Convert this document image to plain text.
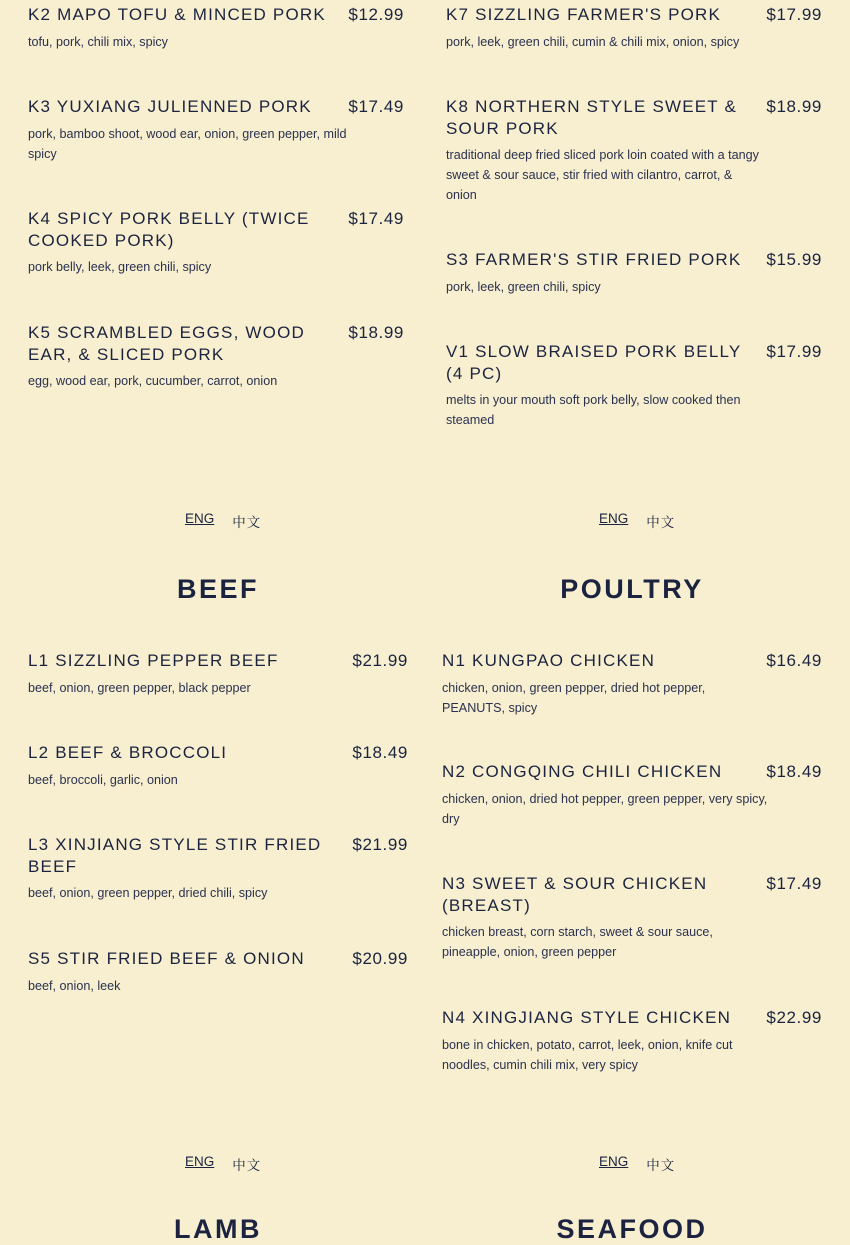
K2 MAPO TOFU & MINCED PORK $12.99
tofu, pork, chili mix, spicy
K3 YUXIANG JULIENNED PORK	$17.49
pork, bamboo shoot, wood ear, onion, green pepper, mild spicy
K4 SPICY PORK BELLY (TWICE COOKED PORK)
$17.49
pork belly, leek, green chili, spicy
K5 SCRAMBLED EGGS, WOOD EAR, & SLICED PORK
$18.99
egg, wood ear, pork, cucumber, carrot, onion
K7 SIZZLING FARMER'S PORK	$17.99
pork, leek, green chili, cumin & chili mix, onion, spicy
K8 NORTHERN STYLE SWEET & SOUR PORK
$18.99
traditional deep fried sliced pork loin coated with a tangy sweet & sour sauce, stir fried with cilantro, carrot, & onion
S3 FARMER'S STIR FRIED PORK $15.99
pork, leek, green chili, spicy
V1 SLOW BRAISED PORK BELLY (4 PC)
$17.99
melts in your mouth soft pork belly, slow cooked then steamed
ENG 中文	ENG 中文
BEEF	POULTRY
L1 SIZZLING PEPPER BEEF	$21.99
beef, onion, green pepper, black pepper
L2 BEEF & BROCCOLI	$18.49
beef, broccoli, garlic, onion
L3 XINJIANG STYLE STIR FRIED BEEF
$21.99
beef, onion, green pepper, dried chili, spicy
S5 STIR FRIED BEEF & ONION	$20.99
beef, onion, leek
N1 KUNGPAO CHICKEN	$16.49
chicken, onion, green pepper, dried hot pepper, PEANUTS, spicy
N2 CONGQING CHILI CHICKEN	$18.49
chicken, onion, dried hot pepper, green pepper, very spicy, dry
N3 SWEET & SOUR CHICKEN (BREAST)
$17.49
chicken breast, corn starch, sweet & sour sauce, pineapple, onion, green pepper
N4 XINGJIANG STYLE CHICKEN	$22.99
bone in chicken, potato, carrot, leek, onion, knife cut noodles, cumin chili mix, very spicy
ENG 中文	ENG 中文
LAMB	SEAFOOD
